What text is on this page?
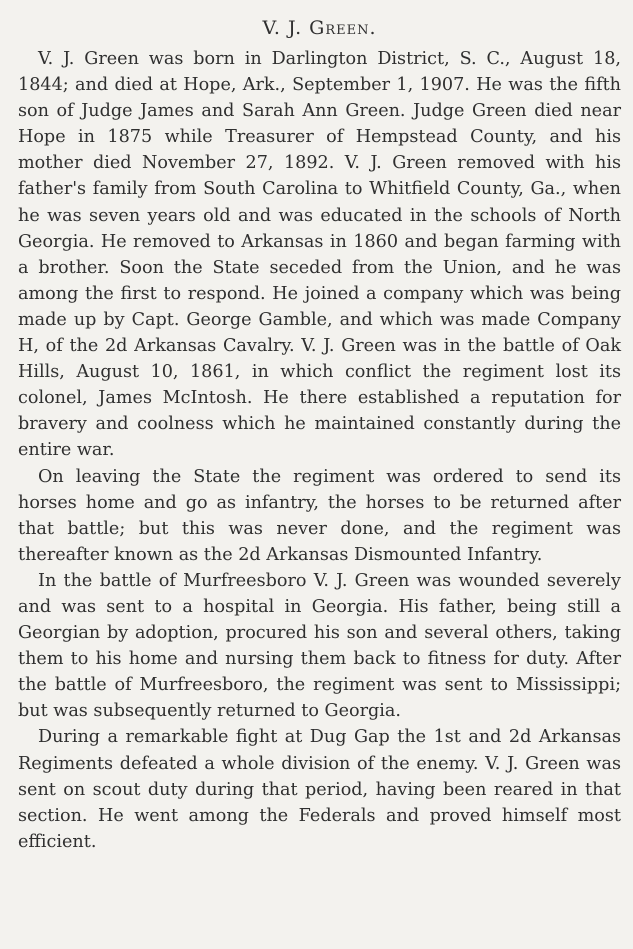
V. J. Green.

V. J. Green was born in Darlington District, S. C., August 18, 1844; and died at Hope, Ark., September 1, 1907. He was the fifth son of Judge James and Sarah Ann Green. Judge Green died near Hope in 1875 while Treasurer of Hempstead County, and his mother died November 27, 1892. V. J. Green removed with his father's family from South Carolina to Whitfield County, Ga., when he was seven years old and was educated in the schools of North Georgia. He removed to Arkansas in 1860 and began farming with a brother. Soon the State seceded from the Union, and he was among the first to respond. He joined a company which was being made up by Capt. George Gamble, and which was made Company H, of the 2d Arkansas Cavalry. V. J. Green was in the battle of Oak Hills, August 10, 1861, in which conflict the regiment lost its colonel, James McIntosh. He there established a reputation for bravery and coolness which he maintained constantly during the entire war.

On leaving the State the regiment was ordered to send its horses home and go as infantry, the horses to be returned after that battle; but this was never done, and the regiment was thereafter known as the 2d Arkansas Dismounted Infantry.

In the battle of Murfreesboro V. J. Green was wounded severely and was sent to a hospital in Georgia. His father, being still a Georgian by adoption, procured his son and several others, taking them to his home and nursing them back to fitness for duty. After the battle of Murfreesboro, the regiment was sent to Mississippi; but was subsequently returned to Georgia.

During a remarkable fight at Dug Gap the 1st and 2d Arkansas Regiments defeated a whole division of the enemy. V. J. Green was sent on scout duty during that period, having been reared in that section. He went among the Federals and proved himself most efficient.
